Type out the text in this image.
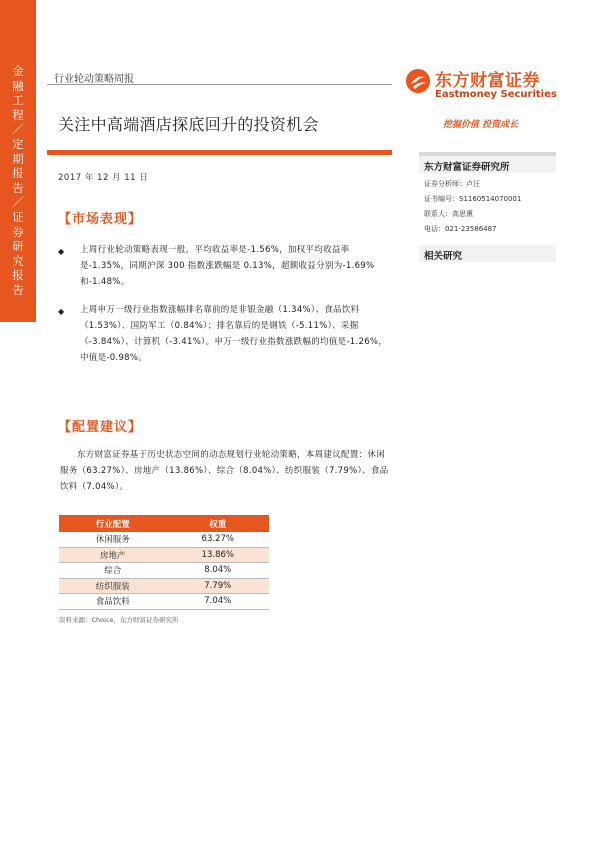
金融工程／定期报告／证券研究报告
行业轮动策略周报
关注中高端酒店探底回升的投资机会
2017 年 12 月 11 日
东方财富证券
Eastmoney Securities
挖掘价值 投资成长
东方财富证券研究所
证券分析师：卢汪
证书编号：S1160514070001
联系人：高思熏
电话：021-23586487
相关研究
【市场表现】
◆ 上周行业轮动策略表现一般，平均收益率是-1.56%，加权平均收益率是-1.35%，同期沪深 300 指数涨跌幅是 0.13%，超额收益分别为-1.69%和-1.48%。
◆ 上周申万一级行业指数涨幅排名靠前的是非银金融（1.34%）、食品饮料（1.53%）、国防军工（0.84%）；排名靠后的是钢铁（-5.11%）、采掘（-3.84%）、计算机（-3.41%）。申万一级行业指数涨跌幅的均值是-1.26%，中值是-0.98%。
【配置建议】
东方财富证券基于历史状态空间的动态规划行业轮动策略，本周建议配置：休闲服务（63.27%）、房地产（13.86%）、综合（8.04%）、纺织服装（7.79%）、食品饮料（7.04%）。
行业配置	权重
休闲服务	63.27%
房地产	13.86%
综合	8.04%
纺织服装	7.79%
食品饮料	7.04%
资料来源：Choice，东方财富证券研究所
